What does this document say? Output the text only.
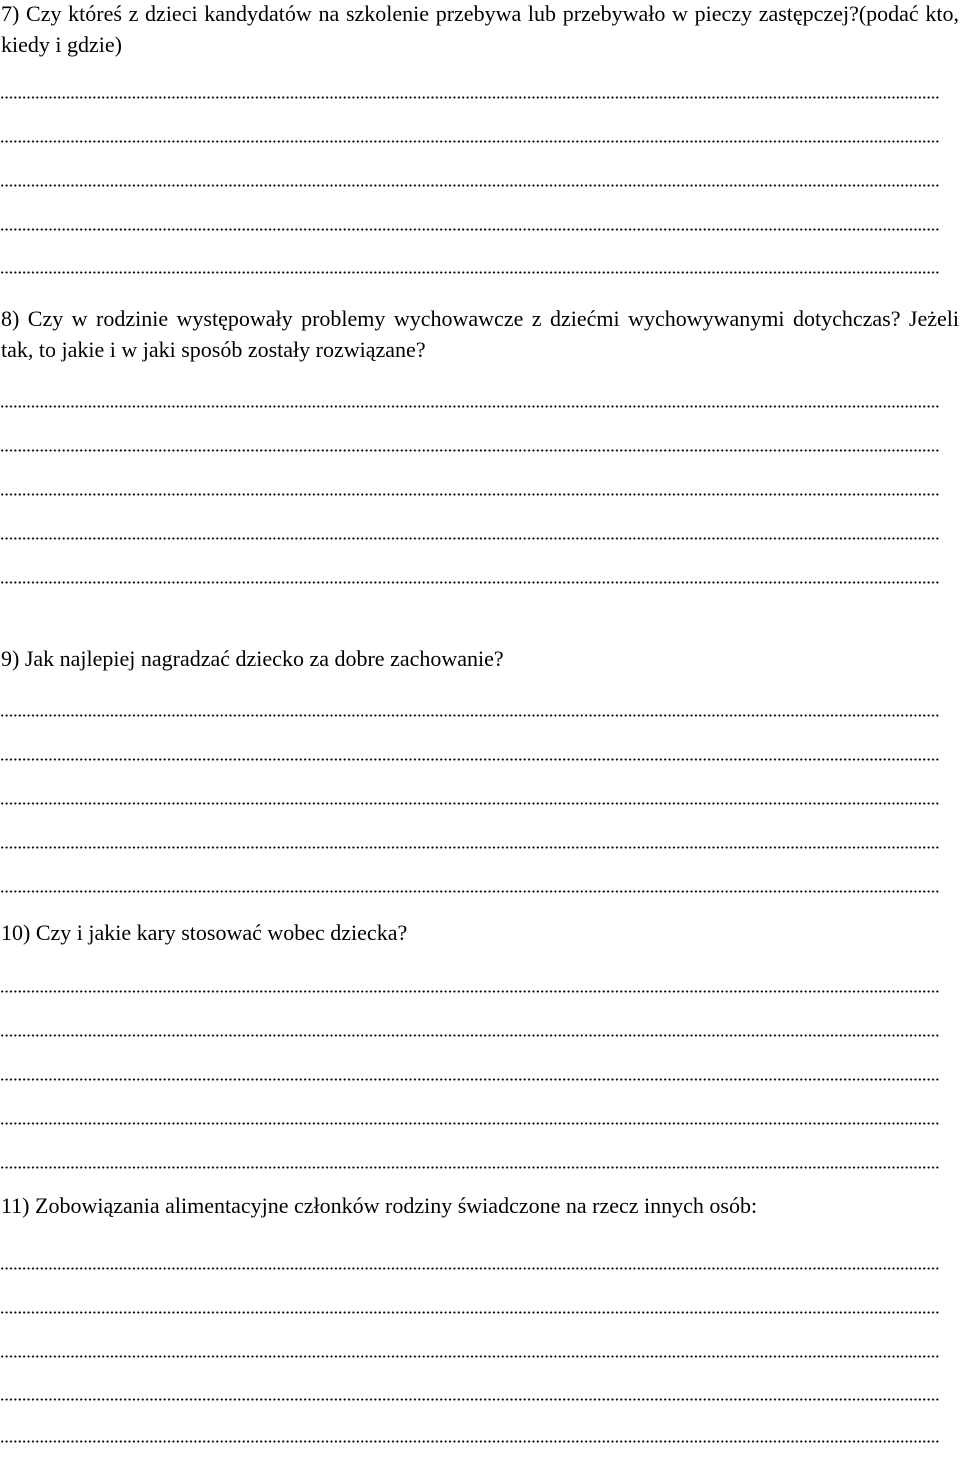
7) Czy któreś z dzieci kandydatów na szkolenie przebywa lub przebywało w pieczy zastępczej?(podać kto, kiedy i gdzie)
8) Czy w rodzinie występowały problemy wychowawcze z dziećmi wychowywanymi dotychczas? Jeżeli tak, to jakie i w jaki sposób zostały rozwiązane?
9) Jak najlepiej nagradzać dziecko za dobre zachowanie?
10) Czy i jakie kary stosować wobec dziecka?
11) Zobowiązania alimentacyjne członków rodziny świadczone na rzecz innych osób:
